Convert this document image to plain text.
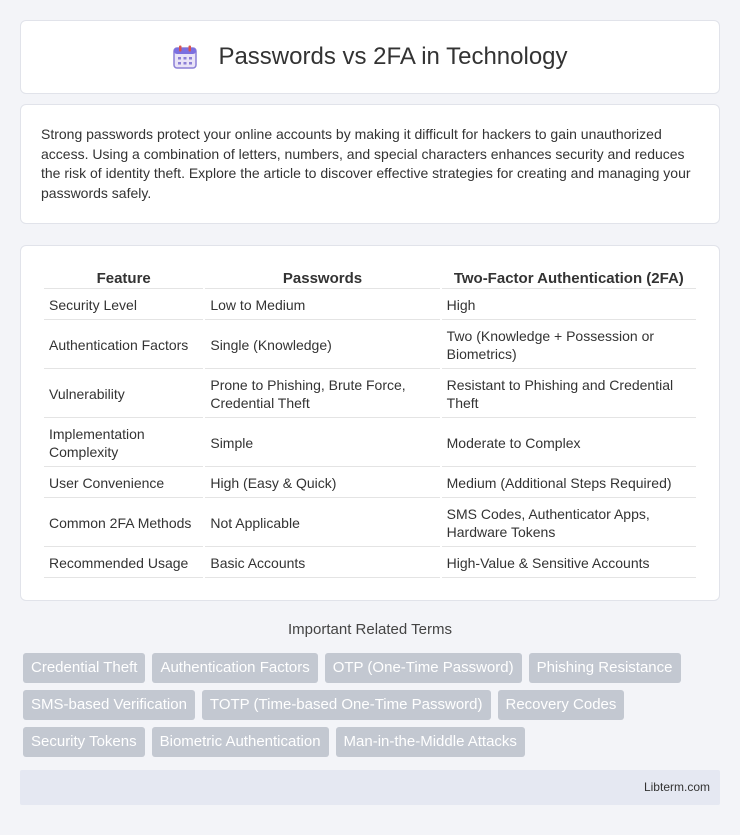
Passwords vs 2FA in Technology

Strong passwords protect your online accounts by making it difficult for hackers to gain unauthorized access. Using a combination of letters, numbers, and special characters enhances security and reduces the risk of identity theft. Explore the article to discover effective strategies for creating and managing your passwords safely.

Feature	Passwords	Two-Factor Authentication (2FA)
Security Level	Low to Medium	High
Authentication Factors	Single (Knowledge)	Two (Knowledge + Possession or Biometrics)
Vulnerability	Prone to Phishing, Brute Force, Credential Theft	Resistant to Phishing and Credential Theft
Implementation Complexity	Simple	Moderate to Complex
User Convenience	High (Easy & Quick)	Medium (Additional Steps Required)
Common 2FA Methods	Not Applicable	SMS Codes, Authenticator Apps, Hardware Tokens
Recommended Usage	Basic Accounts	High-Value & Sensitive Accounts
Important Related Terms
Credential Theft	Authentication Factors	OTP (One-Time Password)	Phishing Resistance
SMS-based Verification	TOTP (Time-based One-Time Password)	Recovery Codes
Security Tokens	Biometric Authentication	Man-in-the-Middle Attacks
Libterm.com
